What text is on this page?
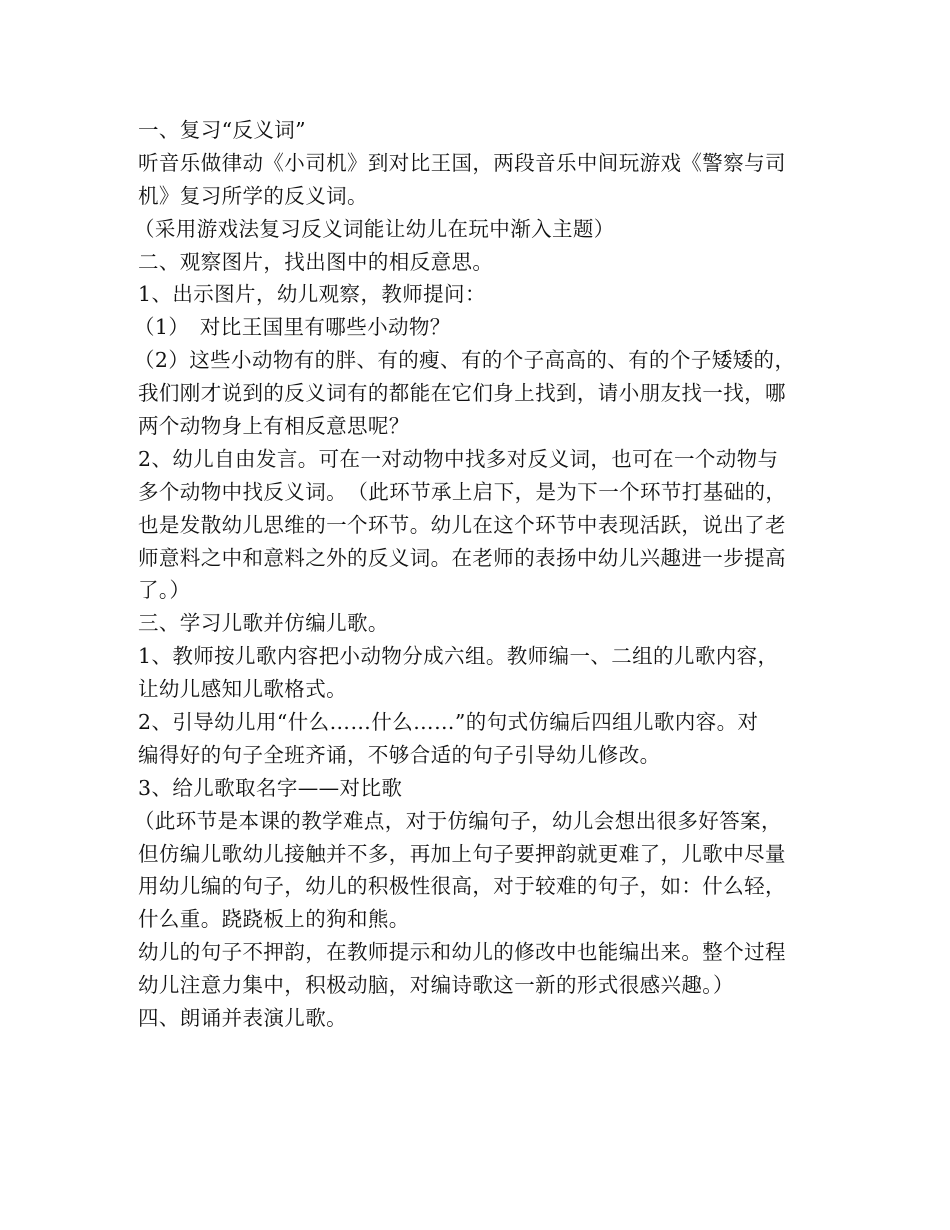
一、复习“反义词”
听音乐做律动《小司机》到对比王国，两段音乐中间玩游戏《警察与司
机》复习所学的反义词。
（采用游戏法复习反义词能让幼儿在玩中渐入主题）
二、观察图片，找出图中的相反意思。
1、出示图片，幼儿观察，教师提问：
（1）　对比王国里有哪些小动物？
（2）这些小动物有的胖、有的瘦、有的个子高高的、有的个子矮矮的，
我们刚才说到的反义词有的都能在它们身上找到，请小朋友找一找，哪
两个动物身上有相反意思呢？
2、幼儿自由发言。可在一对动物中找多对反义词，也可在一个动物与
多个动物中找反义词。　（此环节承上启下，是为下一个环节打基础的，
也是发散幼儿思维的一个环节。幼儿在这个环节中表现活跃，说出了老
师意料之中和意料之外的反义词。在老师的表扬中幼儿兴趣进一步提高
了。）
三、学习儿歌并仿编儿歌。
1、教师按儿歌内容把小动物分成六组。教师编一、二组的儿歌内容，
让幼儿感知儿歌格式。
2、引导幼儿用“什么……什么……”的句式仿编后四组儿歌内容。对
编得好的句子全班齐诵，不够合适的句子引导幼儿修改。
3、给儿歌取名字——对比歌
（此环节是本课的教学难点，对于仿编句子，幼儿会想出很多好答案，
但仿编儿歌幼儿接触并不多，再加上句子要押韵就更难了，儿歌中尽量
用幼儿编的句子，幼儿的积极性很高，对于较难的句子，如：什么轻，
什么重。跷跷板上的狗和熊。
幼儿的句子不押韵，在教师提示和幼儿的修改中也能编出来。整个过程
幼儿注意力集中，积极动脑，对编诗歌这一新的形式很感兴趣。）
四、朗诵并表演儿歌。
